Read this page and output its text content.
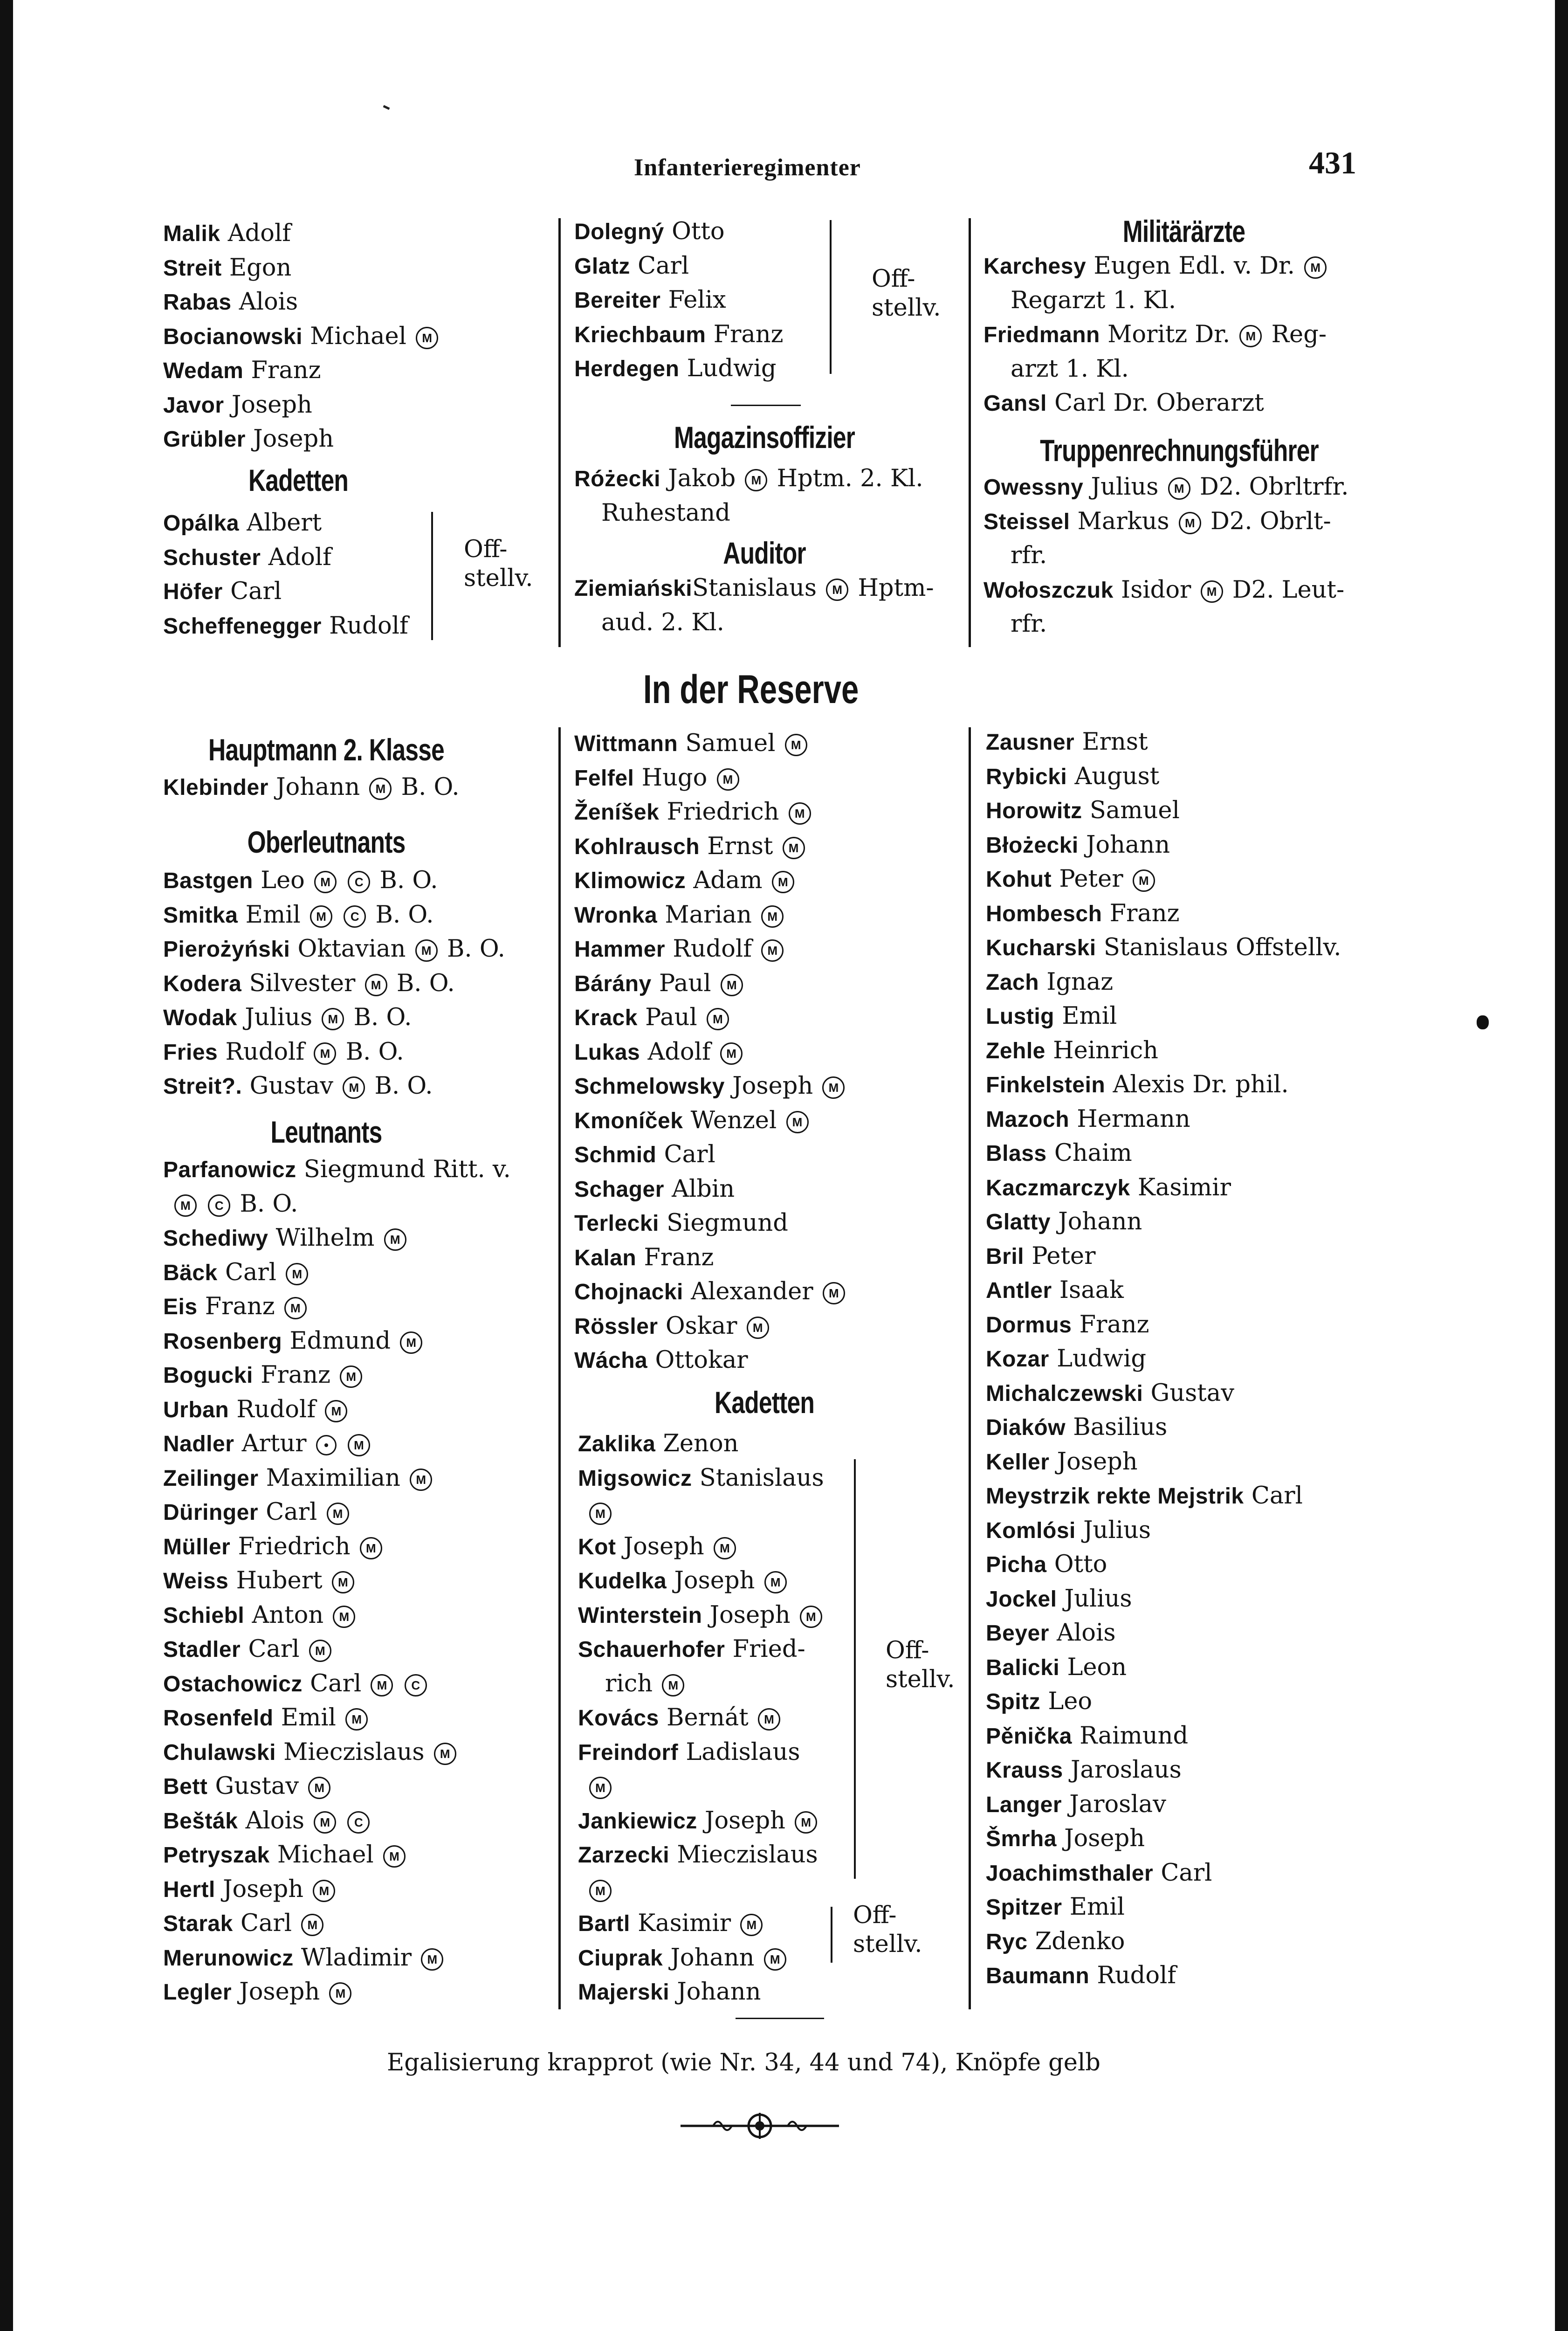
Infanterieregimenter	431
Malik Adolf
Streit Egon
Rabas Alois
Bocianowski Michael M
Wedam Franz
Javor Joseph
Grübler Joseph
Kadetten
Opálka Albert
Schuster Adolf
Höfer Carl
Scheffenegger Rudolf
Off-
stellv.
Dolegný Otto
Glatz Carl
Bereiter Felix
Kriechbaum Franz
Herdegen Ludwig
Off-
stellv.
Magazinsoffizier
Różecki Jakob M Hptm. 2. Kl.
Ruhestand
Auditor
ZiemiańskiStanislaus M Hptm-
aud. 2. Kl.
Militärärzte
Karchesy Eugen Edl. v. Dr. M
Regarzt 1. Kl.
Friedmann Moritz Dr. M Reg-
arzt 1. Kl.
Gansl Carl Dr. Oberarzt
Truppenrechnungsführer
Owessny Julius M D2. Obrltrfr.
Steissel Markus M D2. Obrlt-
rfr.
Wołoszczuk Isidor M D2. Leut-
rfr.
In der Reserve
Hauptmann 2. Klasse
Klebinder Johann M B. O.
Oberleutnants
Bastgen Leo M C B. O.
Smitka Emil M C B. O.
Pierożyński Oktavian M B. O.
Kodera Silvester M B. O.
Wodak Julius M B. O.
Fries Rudolf M B. O.
Streit?. Gustav M B. O.
Leutnants
Parfanowicz Siegmund Ritt. v.
M C B. O.
Schediwy Wilhelm M
Bäck Carl M
Eis Franz M
Rosenberg Edmund M
Bogucki Franz M
Urban Rudolf M
Nadler Artur	M
Zeilinger Maximilian M
Düringer Carl M
Müller Friedrich M
Weiss Hubert M
Schiebl Anton M
Stadler Carl M
Ostachowicz Carl M C
Rosenfeld Emil M
Chulawski Mieczislaus M
Bett Gustav M
Bešták Alois M C
Petryszak Michael M
Hertl Joseph M
Starak Carl M
Merunowicz Wladimir M
Legler Joseph M
Wittmann Samuel M
Felfel Hugo M
Ženíšek Friedrich M
Kohlrausch Ernst M
Klimowicz Adam M
Wronka Marian M
Hammer Rudolf M
Bárány Paul M
Krack Paul M
Lukas Adolf M
Schmelowsky Joseph M
Kmoníček Wenzel M
Schmid Carl
Schager Albin
Terlecki Siegmund
Kalan Franz
Chojnacki Alexander M
Rössler Oskar M
Wácha Ottokar
Kadetten
Zaklika Zenon
Migsowicz Stanislaus
M
Kot Joseph M
Kudelka Joseph M
Winterstein Joseph M
Schauerhofer Fried-
rich M
Kovács Bernát M
Freindorf Ladislaus
M
Jankiewicz Joseph M
Zarzecki Mieczislaus
M
Bartl Kasimir M
Ciuprak Johann M
Majerski Johann
Off-
stellv.
Off-
stellv.
Zausner Ernst
Rybicki August
Horowitz Samuel
Błożecki Johann
Kohut Peter M
Hombesch Franz
Kucharski Stanislaus Offstellv.
Zach Ignaz
Lustig Emil
Zehle Heinrich
Finkelstein Alexis Dr. phil.
Mazoch Hermann
Blass Chaim
Kaczmarczyk Kasimir
Glatty Johann
Bril Peter
Antler Isaak
Dormus Franz
Kozar Ludwig
Michalczewski Gustav
Diaków Basilius
Keller Joseph
Meystrzik rekte Mejstrik Carl
Komlósi Julius
Picha Otto
Jockel Julius
Beyer Alois
Balicki Leon
Spitz Leo
Pěnička Raimund
Krauss Jaroslaus
Langer Jaroslav
Šmrha Joseph
Joachimsthaler Carl
Spitzer Emil
Ryc Zdenko
Baumann Rudolf
Egalisierung krapprot (wie Nr. 34, 44 und 74), Knöpfe gelb
